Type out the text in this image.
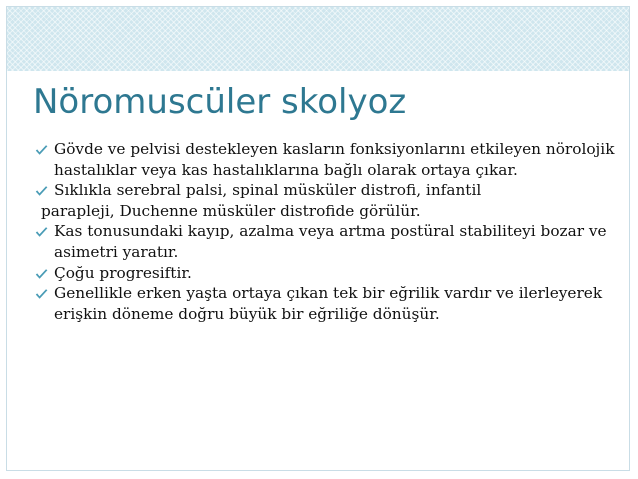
Nöromuscüler skolyoz

Gövde ve pelvisi destekleyen kasların fonksiyonlarını etkileyen nörolojik hastalıklar veya kas hastalıklarına bağlı olarak ortaya çıkar.

Sıklıkla serebral palsi, spinal müsküler distrofi, infantil

parapleji, Duchenne müsküler distrofide görülür.

Kas tonusundaki kayıp, azalma veya artma postüral stabiliteyi bozar ve asimetri yaratır.

Çoğu progresiftir.

Genellikle erken yaşta ortaya çıkan tek bir eğrilik vardır ve ilerleyerek erişkin döneme doğru büyük bir eğriliğe dönüşür.
